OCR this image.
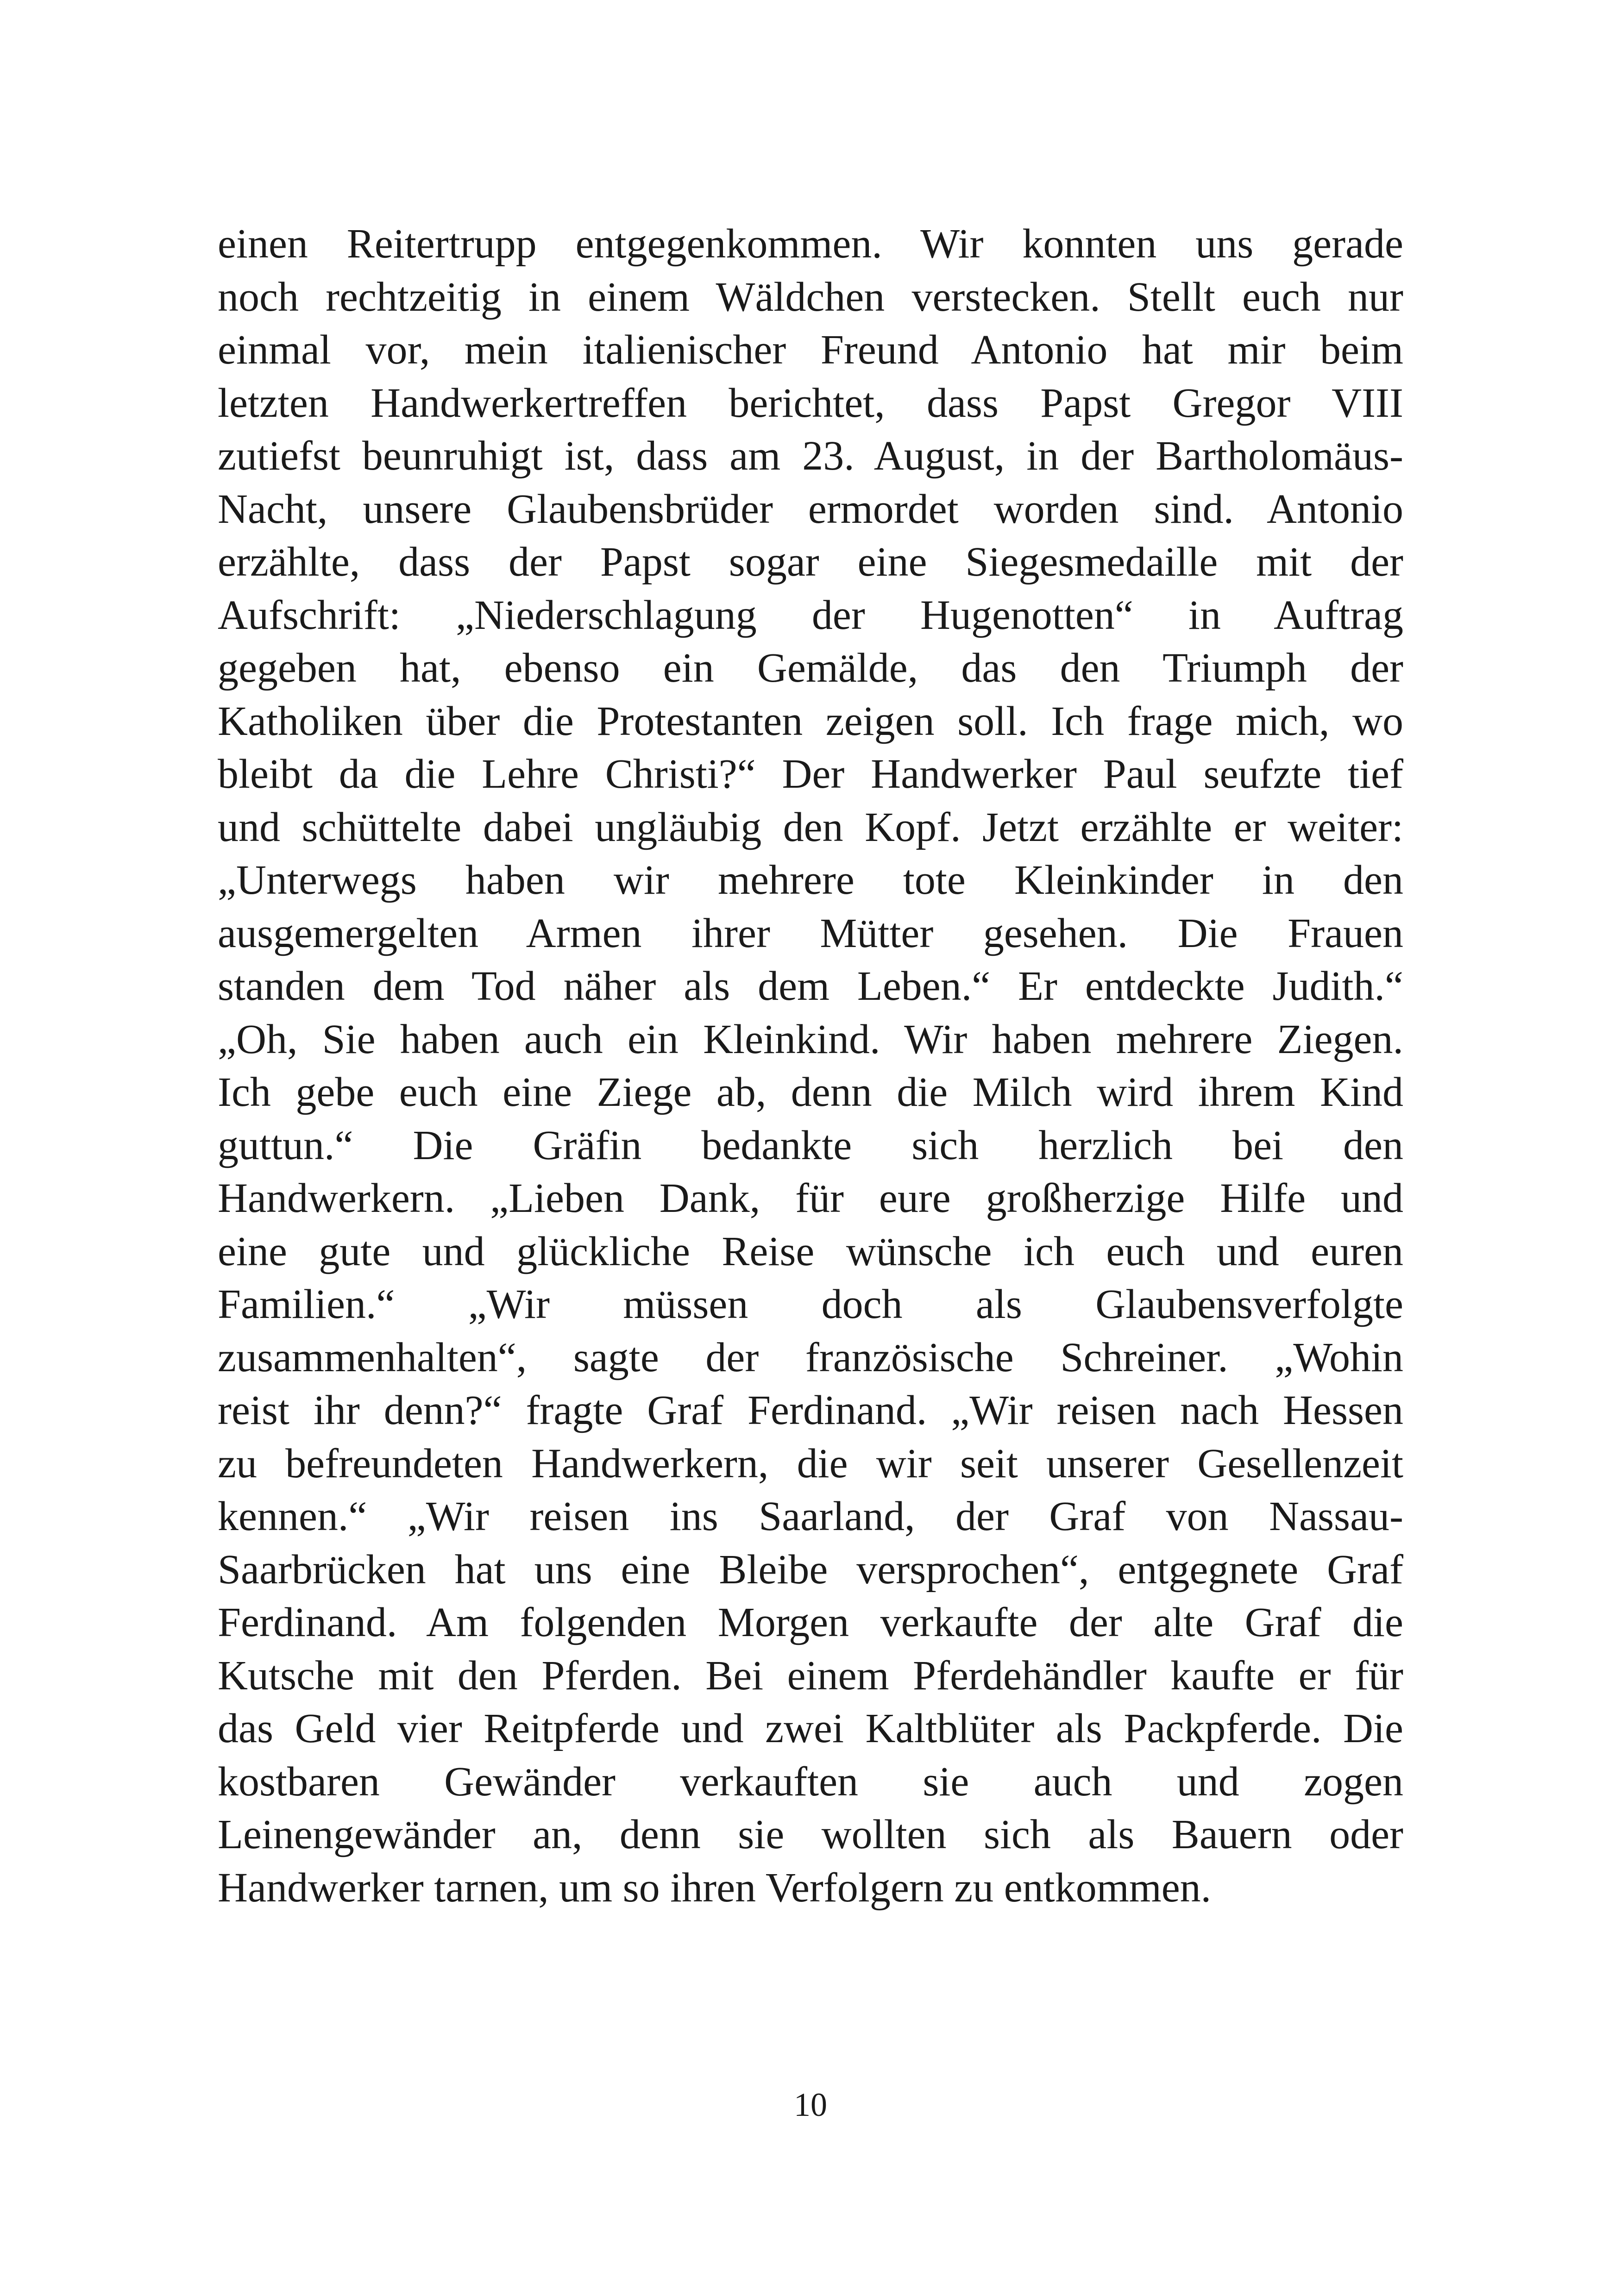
einen Reitertrupp entgegenkommen. Wir konnten uns gerade
noch rechtzeitig in einem Wäldchen verstecken. Stellt euch nur
einmal vor, mein italienischer Freund Antonio hat mir beim
letzten Handwerkertreffen berichtet, dass Papst Gregor VIII
zutiefst beunruhigt ist, dass am 23. August, in der Bartholomäus-
Nacht, unsere Glaubensbrüder ermordet worden sind. Antonio
erzählte, dass der Papst sogar eine Siegesmedaille mit der
Aufschrift: „Niederschlagung der Hugenotten“ in Auftrag
gegeben hat, ebenso ein Gemälde, das den Triumph der
Katholiken über die Protestanten zeigen soll. Ich frage mich, wo
bleibt da die Lehre Christi?“ Der Handwerker Paul seufzte tief
und schüttelte dabei ungläubig den Kopf. Jetzt erzählte er weiter:
„Unterwegs haben wir mehrere tote Kleinkinder in den
ausgemergelten Armen ihrer Mütter gesehen. Die Frauen
standen dem Tod näher als dem Leben.“ Er entdeckte Judith.“
„Oh, Sie haben auch ein Kleinkind. Wir haben mehrere Ziegen.
Ich gebe euch eine Ziege ab, denn die Milch wird ihrem Kind
guttun.“ Die Gräfin bedankte sich herzlich bei den
Handwerkern. „Lieben Dank, für eure großherzige Hilfe und
eine gute und glückliche Reise wünsche ich euch und euren
Familien.“ „Wir müssen doch als Glaubensverfolgte
zusammenhalten“, sagte der französische Schreiner. „Wohin
reist ihr denn?“ fragte Graf Ferdinand. „Wir reisen nach Hessen
zu befreundeten Handwerkern, die wir seit unserer Gesellenzeit
kennen.“ „Wir reisen ins Saarland, der Graf von Nassau-
Saarbrücken hat uns eine Bleibe versprochen“, entgegnete Graf
Ferdinand. Am folgenden Morgen verkaufte der alte Graf die
Kutsche mit den Pferden. Bei einem Pferdehändler kaufte er für
das Geld vier Reitpferde und zwei Kaltblüter als Packpferde. Die
kostbaren Gewänder verkauften sie auch und zogen
Leinengewänder an, denn sie wollten sich als Bauern oder
Handwerker tarnen, um so ihren Verfolgern zu entkommen.
10
